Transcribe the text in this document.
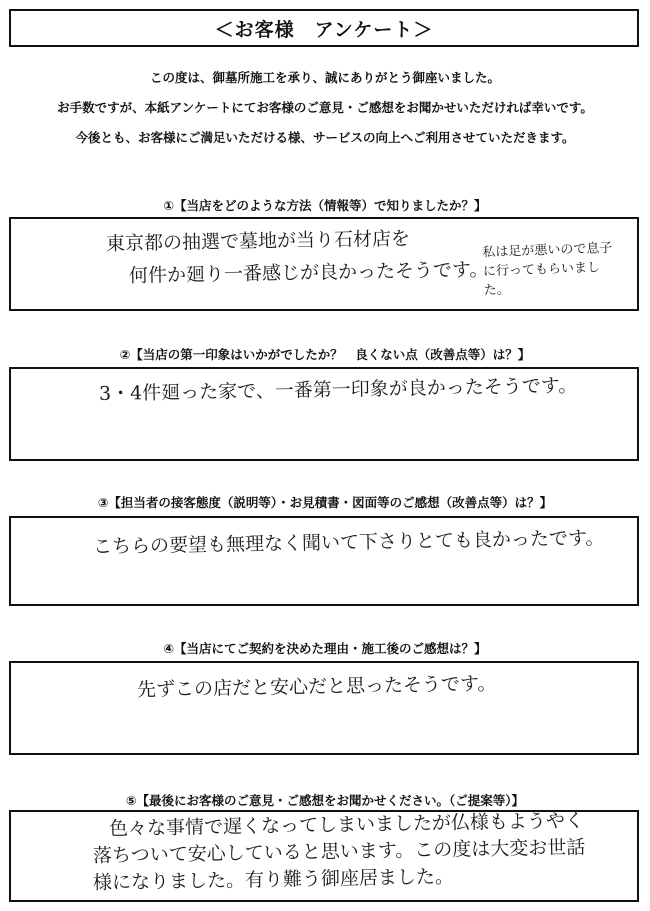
＜お客様　アンケート＞
この度は、御墓所施工を承り、誠にありがとう御座いました。
お手数ですが、本紙アンケートにてお客様のご意見・ご感想をお聞かせいただければ幸いです。
今後とも、お客様にご満足いただける様、サービスの向上へご利用させていただきます。
①【当店をどのような方法（情報等）で知りましたか？】
東京都の抽選で墓地が当り石材店を
何件か廻り一番感じが良かったそうです。
私は足が悪いので息子に行ってもらいました。
②【当店の第一印象はいかがでしたか？　良くない点（改善点等）は？】
3・4件廻った家で、一番第一印象が良かったそうです。
③【担当者の接客態度（説明等）・お見積書・図面等のご感想（改善点等）は？】
こちらの要望も無理なく聞いて下さりとても良かったです。
④【当店にてご契約を決めた理由・施工後のご感想は？】
先ずこの店だと安心だと思ったそうです。
⑤【最後にお客様のご意見・ご感想をお聞かせください。（ご提案等）】
色々な事情で遅くなってしまいましたが仏様もようやく
落ちついて安心していると思います。この度は大変お世話
様になりました。有り難う御座居ました。
